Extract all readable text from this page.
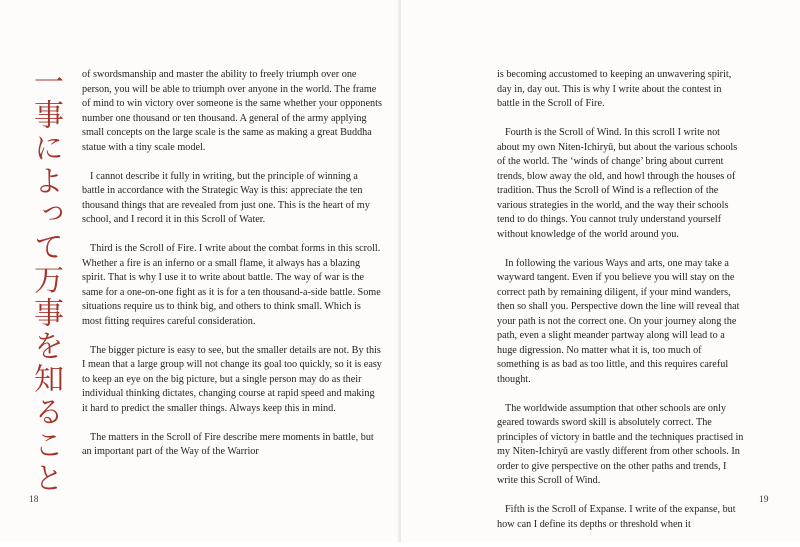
一事によって万事を知ること of swordsmanship and master the ability to freely triumph over one person, you will be able to triumph over anyone in the world. The frame of mind to win victory over someone is the same whether your opponents number one thousand or ten thousand. A general of the army applying small concepts on the large scale is the same as making a great Buddha statue with a tiny scale model.

I cannot describe it fully in writing, but the principle of winning a battle in accordance with the Strategic Way is this: appreciate the ten thousand things that are revealed from just one. This is the heart of my school, and I record it in this Scroll of Water.

Third is the Scroll of Fire. I write about the combat forms in this scroll. Whether a fire is an inferno or a small flame, it always has a blazing spirit. That is why I use it to write about battle. The way of war is the same for a one-on-one fight as it is for a ten thousand-a-side battle. Some situations require us to think big, and others to think small. Which is most fitting requires careful consideration.

The bigger picture is easy to see, but the smaller details are not. By this I mean that a large group will not change its goal too quickly, so it is easy to keep an eye on the big picture, but a single person may do as their individual thinking dictates, changing course at rapid speed and making it hard to predict the smaller things. Always keep this in mind.

The matters in the Scroll of Fire describe mere moments in battle, but an important part of the Way of the Warrior

18

is becoming accustomed to keeping an unwavering spirit, day in, day out. This is why I write about the contest in battle in the Scroll of Fire.

Fourth is the Scroll of Wind. In this scroll I write not about my own Niten-Ichiryū, but about the various schools of the world. The ‘winds of change’ bring about current trends, blow away the old, and howl through the houses of tradition. Thus the Scroll of Wind is a reflection of the various strategies in the world, and the way their schools tend to do things. You cannot truly understand yourself without knowledge of the world around you.

In following the various Ways and arts, one may take a wayward tangent. Even if you believe you will stay on the correct path by remaining diligent, if your mind wanders, then so shall you. Perspective down the line will reveal that your path is not the correct one. On your journey along the path, even a slight meander partway along will lead to a huge digression. No matter what it is, too much of something is as bad as too little, and this requires careful thought.

The worldwide assumption that other schools are only geared towards sword skill is absolutely correct. The principles of victory in battle and the techniques practised in my Niten-Ichiryū are vastly different from other schools. In order to give perspective on the other paths and trends, I write this Scroll of Wind.

Fifth is the Scroll of Expanse. I write of the expanse, but how can I define its depths or threshold when it

19
